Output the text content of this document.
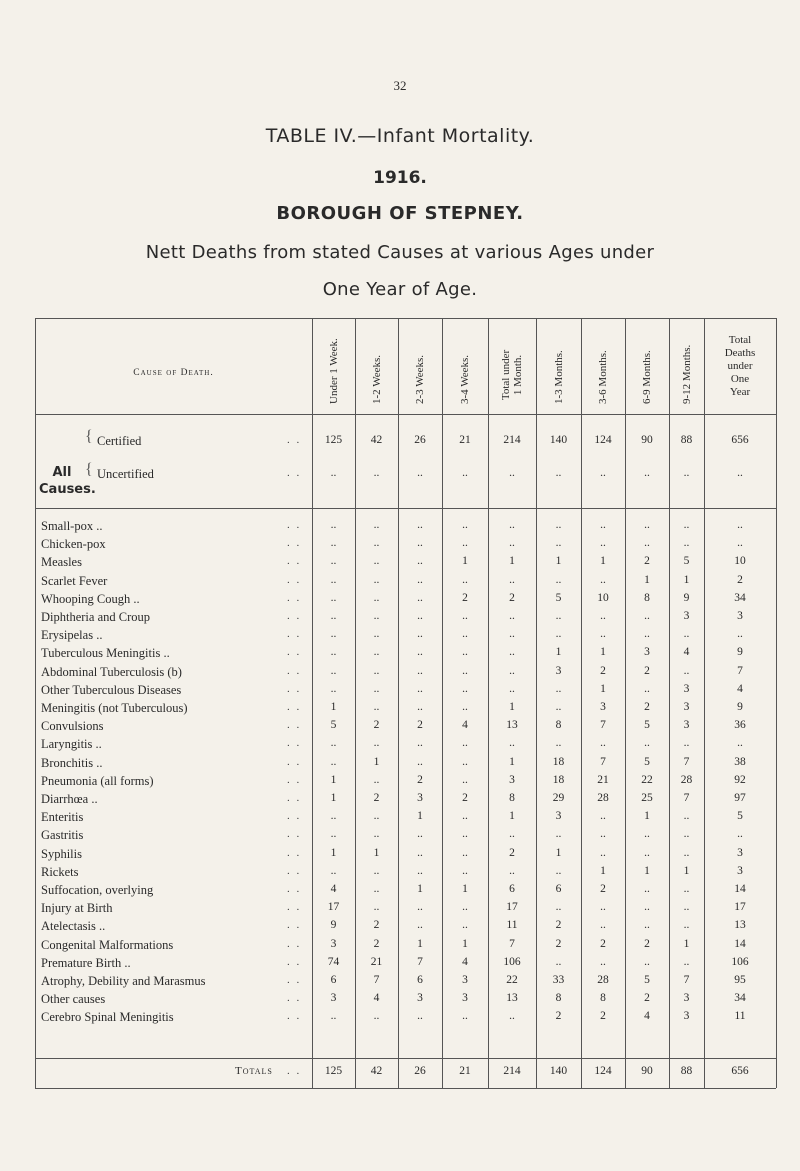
32
TABLE IV.—Infant Mortality.
1916.
BOROUGH OF STEPNEY.
Nett Deaths from stated Causes at various Ages under
One Year of Age.
Cause of Death.
Total
Deaths
under
One
Year
All
Causes.
Under 1 Week.	1-2 Weeks.	2-3 Weeks.	3-4 Weeks.	Total under 1 Month.	1-3 Months.	3-6 Months.	6-9 Months.	9-12 Months.
{ Certified	. .	125	42	26	21	214	140	124	90	88	656
{ Uncertified	. .	..	..	..	..	..	..	..	..	..	..
Small-pox ..	. .	..	..	..	..	..	..	..	..	..	..
Chicken-pox	. .	..	..	..	..	..	..	..	..	..	..
Measles	. .	..	..	..	1	1	1	1	2	5	10
Scarlet Fever	. .	..	..	..	..	..	..	..	1	1	2
Whooping Cough ..	. .	..	..	..	2	2	5	10	8	9	34
Diphtheria and Croup	. .	..	..	..	..	..	..	..	..	3	3
Erysipelas ..	. .	..	..	..	..	..	..	..	..	..	..
Tuberculous Meningitis ..	. .	..	..	..	..	..	1	1	3	4	9
Abdominal Tuberculosis (b)	. .	..	..	..	..	..	3	2	2	..	7
Other Tuberculous Diseases	. .	..	..	..	..	..	..	1	..	3	4
Meningitis (not Tuberculous)	. .	1	..	..	..	1	..	3	2	3	9
Convulsions	. .	5	2	2	4	13	8	7	5	3	36
Laryngitis ..	. .	..	..	..	..	..	..	..	..	..	..
Bronchitis ..	. .	..	1	..	..	1	18	7	5	7	38
Pneumonia (all forms)	. .	1	..	2	..	3	18	21	22	28	92
Diarrhœa ..	. .	1	2	3	2	8	29	28	25	7	97
Enteritis	. .	..	..	1	..	1	3	..	1	..	5
Gastritis	. .	..	..	..	..	..	..	..	..	..	..
Syphilis	. .	1	1	..	..	2	1	..	..	..	3
Rickets	. .	..	..	..	..	..	..	1	1	1	3
Suffocation, overlying	. .	4	..	1	1	6	6	2	..	..	14
Injury at Birth	. .	17	..	..	..	17	..	..	..	..	17
Atelectasis ..	. .	9	2	..	..	11	2	..	..	..	13
Congenital Malformations	. .	3	2	1	1	7	2	2	2	1	14
Premature Birth ..	. .	74	21	7	4	106	..	..	..	..	106
Atrophy, Debility and Marasmus	. .	6	7	6	3	22	33	28	5	7	95
Other causes	. .	3	4	3	3	13	8	8	2	3	34
Cerebro Spinal Meningitis	. .	..	..	..	..	..	2	2	4	3	11
Totals . .	125	42	26	21	214	140	124	90	88	656
